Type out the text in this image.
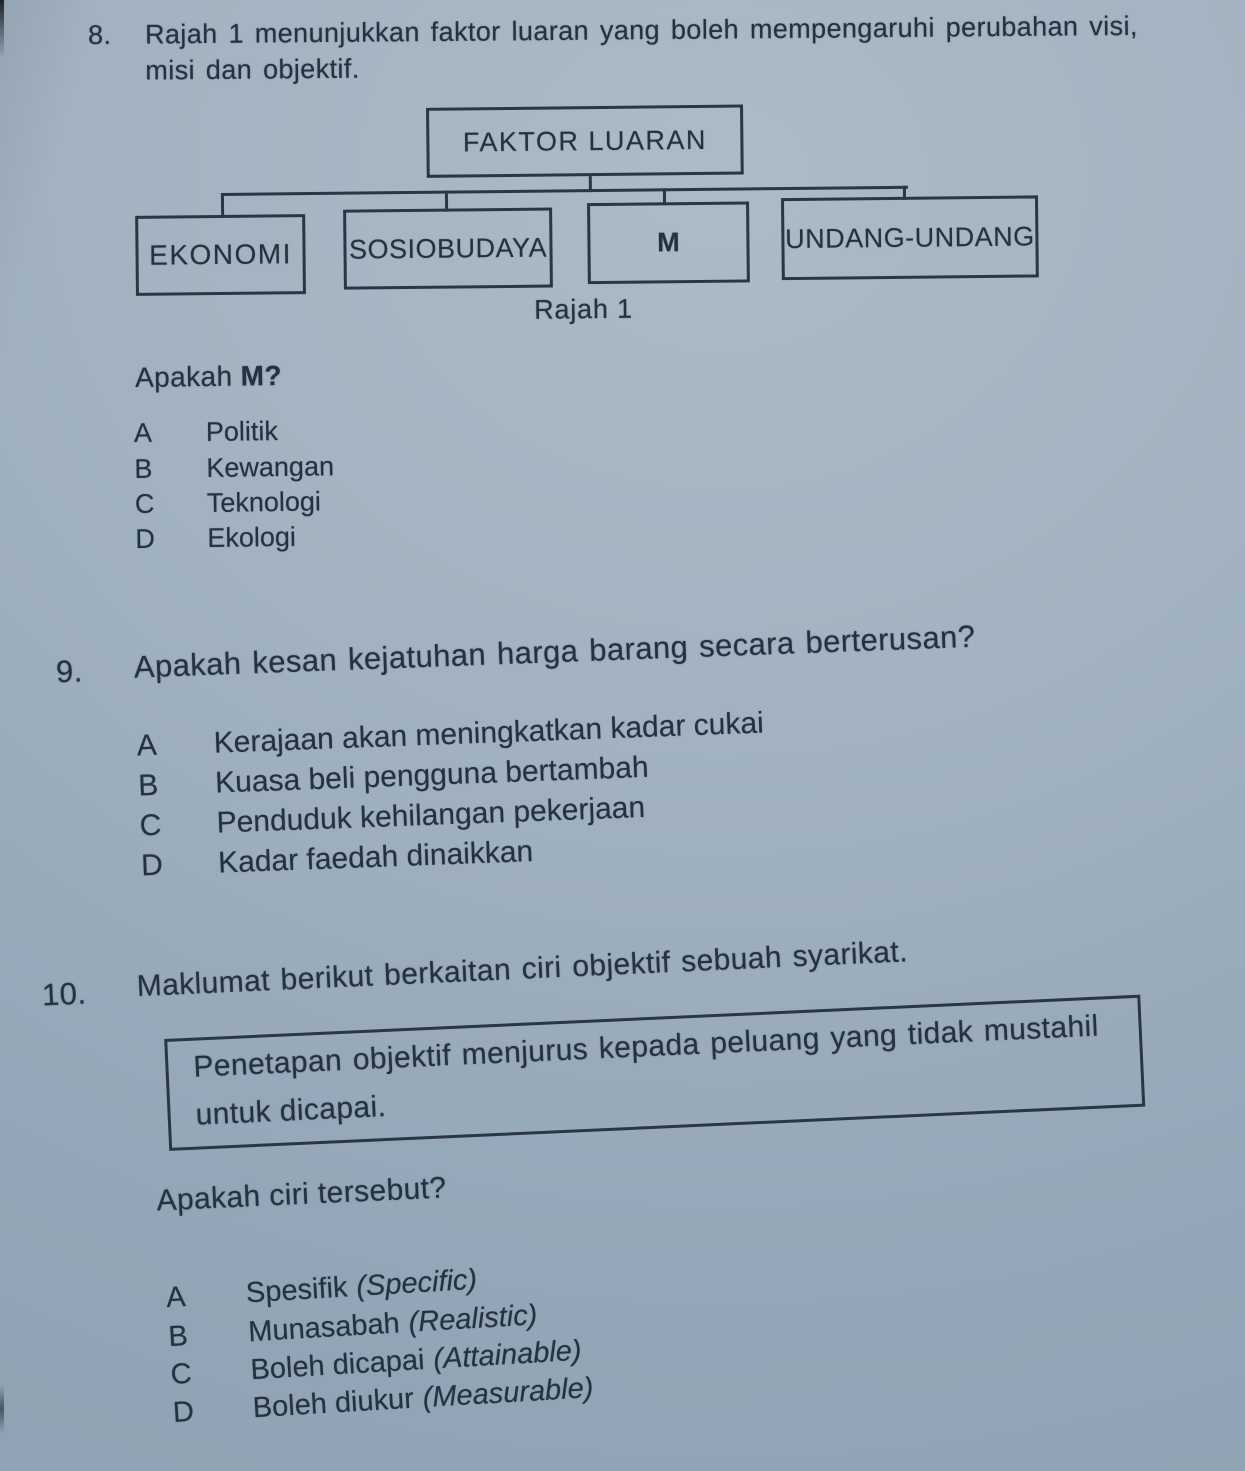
8. Rajah 1 menunjukkan faktor luaran yang boleh mempengaruhi perubahan visi,
misi dan objektif.
FAKTOR LUARAN
EKONOMI	SOSIOBUDAYA	M	UNDANG-UNDANG
Rajah 1
Apakah M?
A Politik
B Kewangan
C Teknologi
D Ekologi
9. Apakah kesan kejatuhan harga barang secara berterusan?
A Kerajaan akan meningkatkan kadar cukai
B Kuasa beli pengguna bertambah
C Penduduk kehilangan pekerjaan
D Kadar faedah dinaikkan
10. Maklumat berikut berkaitan ciri objektif sebuah syarikat.
Penetapan objektif menjurus kepada peluang yang tidak mustahil
untuk dicapai.
Apakah ciri tersebut?
A Spesifik (Specific)
B Munasabah (Realistic)
C Boleh dicapai (Attainable)
D Boleh diukur (Measurable)
